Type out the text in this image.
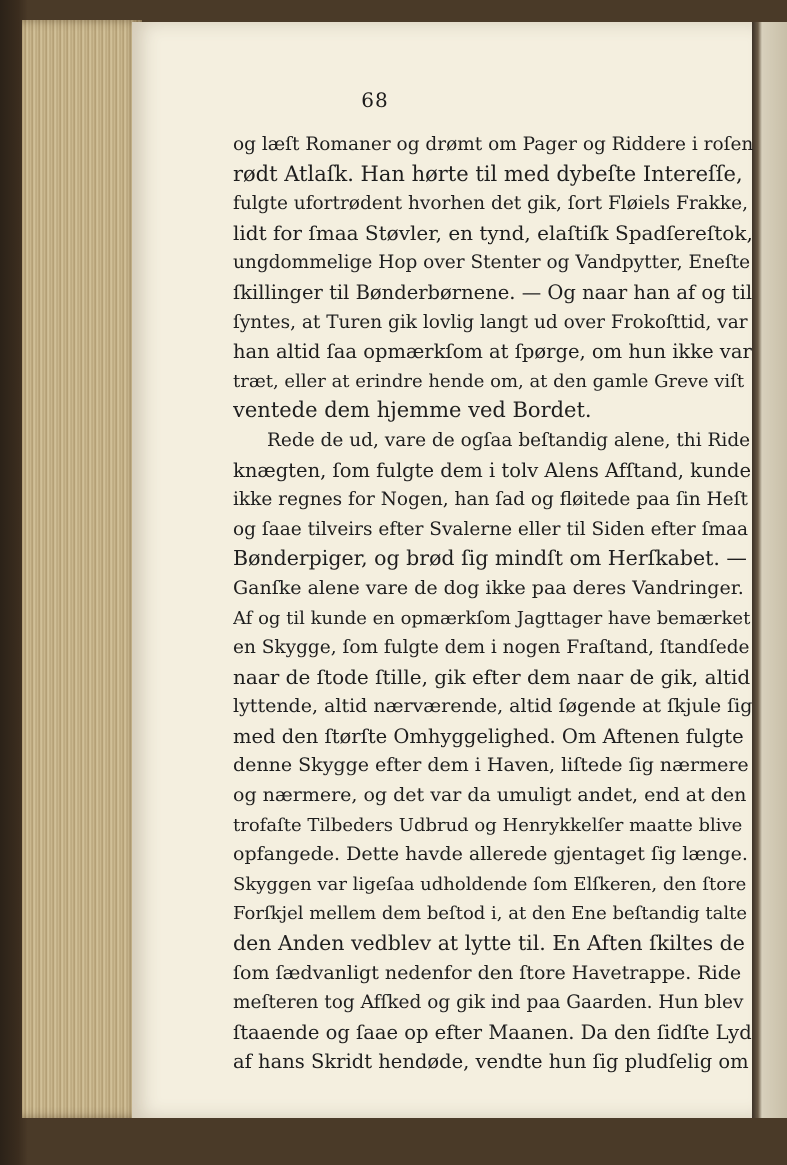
68
og læſt Romaner og drømt om Pager og Riddere i roſen
rødt Atlaſk. Han hørte til med dybeſte Intereſſe,
fulgte ufortrødent hvorhen det gik, ſort Fløiels Frakke,
lidt for ſmaa Støvler, en tynd, elaſtiſk Spadſereſtok,
ungdommelige Hop over Stenter og Vandpytter, Eneſte
ſkillinger til Bønderbørnene. — Og naar han af og til
ſyntes, at Turen gik lovlig langt ud over Frokoſttid, var
han altid ſaa opmærkſom at ſpørge, om hun ikke var
træt, eller at erindre hende om, at den gamle Greve viſt
ventede dem hjemme ved Bordet.
Rede de ud, vare de ogſaa beſtandig alene, thi Ride
knægten, ſom fulgte dem i tolv Alens Afſtand, kunde
ikke regnes for Nogen, han ſad og fløitede paa ſin Heſt
og ſaae tilveirs efter Svalerne eller til Siden efter ſmaa
Bønderpiger, og brød ſig mindſt om Herſkabet. —
Ganſke alene vare de dog ikke paa deres Vandringer.
Af og til kunde en opmærkſom Jagttager have bemærket
en Skygge, ſom fulgte dem i nogen Fraſtand, ſtandſede
naar de ſtode ſtille, gik efter dem naar de gik, altid
lyttende, altid nærværende, altid ſøgende at ſkjule ſig
med den ſtørſte Omhyggelighed. Om Aftenen fulgte
denne Skygge efter dem i Haven, liſtede ſig nærmere
og nærmere, og det var da umuligt andet, end at den
trofaſte Tilbeders Udbrud og Henrykkelſer maatte blive
opfangede. Dette havde allerede gjentaget ſig længe.
Skyggen var ligeſaa udholdende ſom Elſkeren, den ſtore
Forſkjel mellem dem beſtod i, at den Ene beſtandig talte
den Anden vedblev at lytte til. En Aften ſkiltes de
ſom ſædvanligt nedenfor den ſtore Havetrappe. Ride
meſteren tog Afſked og gik ind paa Gaarden. Hun blev
ſtaaende og ſaae op efter Maanen. Da den ſidſte Lyd
af hans Skridt hendøde, vendte hun ſig pludſelig om
